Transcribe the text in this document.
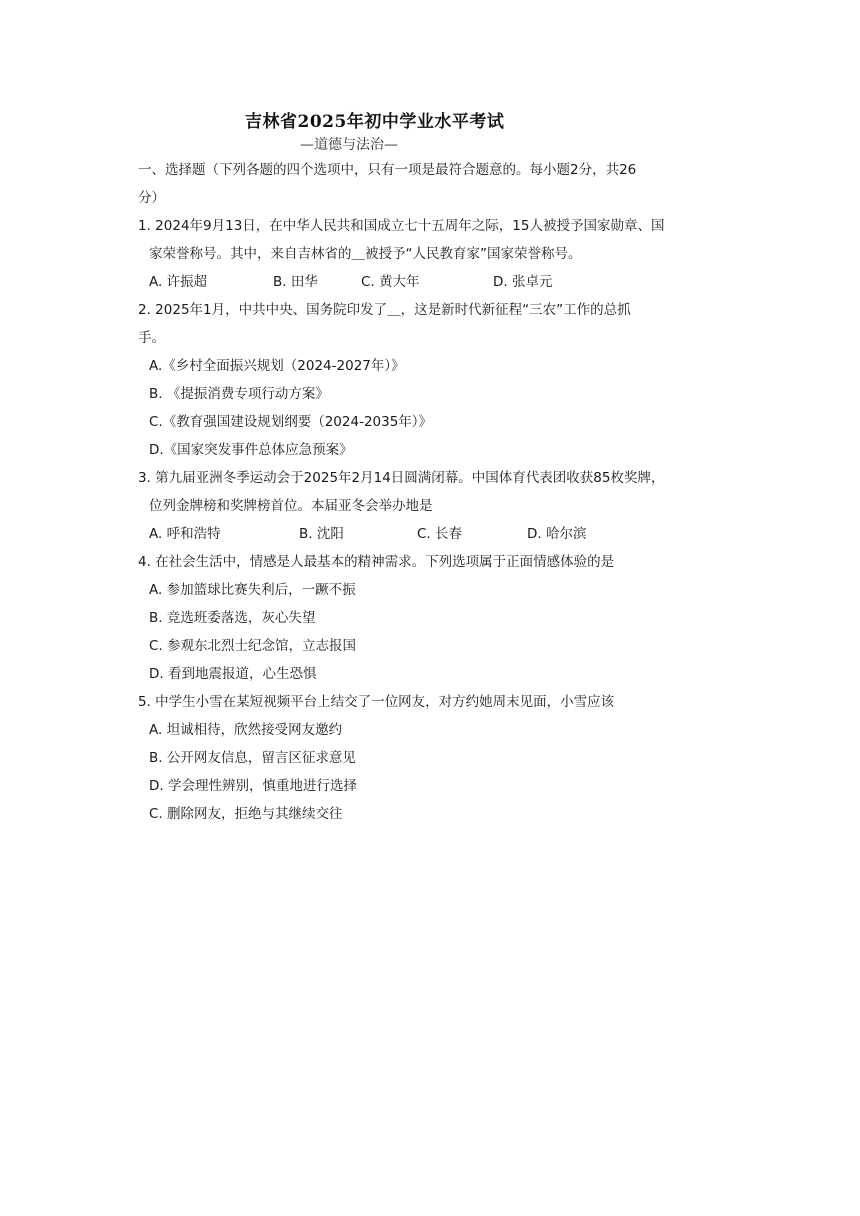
吉林省2025年初中学业水平考试
—道德与法治—
一、选择题（下列各题的四个选项中，只有一项是最符合题意的。每小题2分，共26
分）
1. 2024年9月13日，在中华人民共和国成立七十五周年之际，15人被授予国家勋章、国
家荣誉称号。其中，来自吉林省的＿被授予“人民教育家”国家荣誉称号。
A. 许振超	B. 田华	C. 黄大年	D. 张卓元
2. 2025年1月，中共中央、国务院印发了＿，这是新时代新征程“三农”工作的总抓
手。
A.《乡村全面振兴规划（2024-2027年）》
B. 《提振消费专项行动方案》
C.《教育强国建设规划纲要（2024-2035年）》
D.《国家突发事件总体应急预案》
3. 第九届亚洲冬季运动会于2025年2月14日圆满闭幕。中国体育代表团收获85枚奖牌，
位列金牌榜和奖牌榜首位。本届亚冬会举办地是
A. 呼和浩特	B. 沈阳	C. 长春	D. 哈尔滨
4. 在社会生活中，情感是人最基本的精神需求。下列选项属于正面情感体验的是
A. 参加篮球比赛失利后，一蹶不振
B. 竞选班委落选，灰心失望
C. 参观东北烈士纪念馆，立志报国
D. 看到地震报道，心生恐惧
5. 中学生小雪在某短视频平台上结交了一位网友，对方约她周末见面，小雪应该
A. 坦诚相待，欣然接受网友邀约
B. 公开网友信息，留言区征求意见
D. 学会理性辨别，慎重地进行选择
C. 删除网友，拒绝与其继续交往
